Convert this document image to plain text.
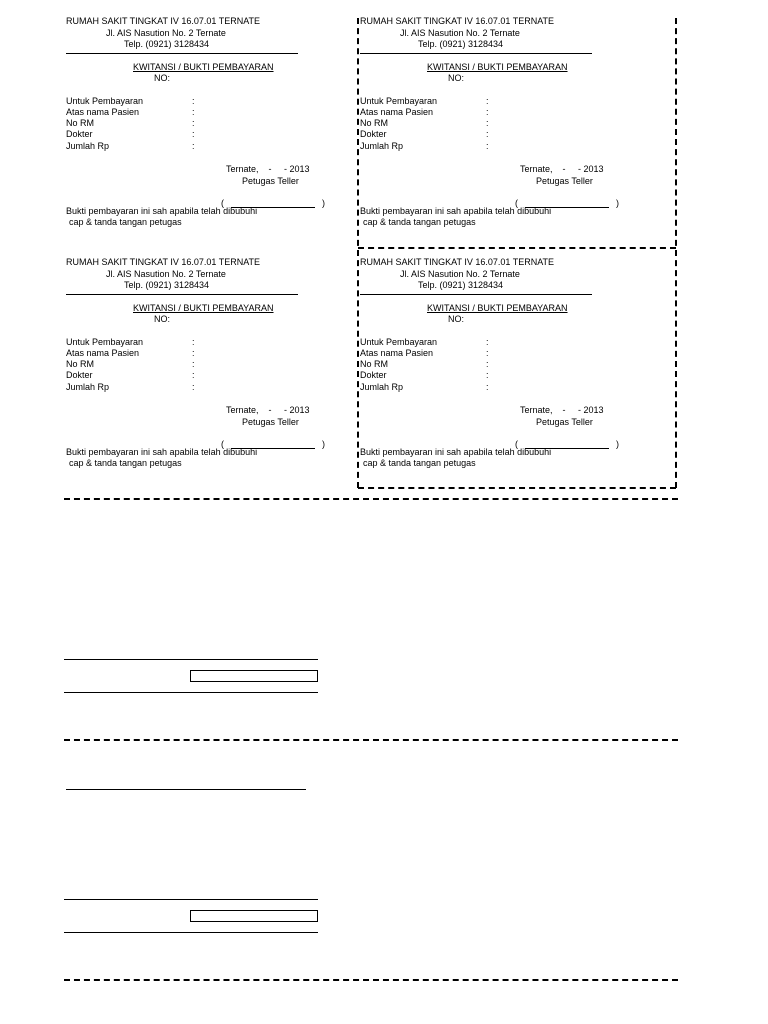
RUMAH SAKIT TINGKAT IV 16.07.01 TERNATE
Jl. AIS Nasution No. 2 Ternate
Telp. (0921) 3128434
KWITANSI / BUKTI PEMBAYARAN
NO:
Untuk Pembayaran	:
Atas nama Pasien	:
No RM	:
Dokter	:
Jumlah Rp	:
Ternate,    -     - 2013
Petugas Teller
(	)
Bukti pembayaran ini sah apabila telah dibubuhi
cap & tanda tangan petugas
RUMAH SAKIT TINGKAT IV 16.07.01 TERNATE
Jl. AIS Nasution No. 2 Ternate
Telp. (0921) 3128434
KWITANSI / BUKTI PEMBAYARAN
NO:
Untuk Pembayaran	:
Atas nama Pasien	:
No RM	:
Dokter	:
Jumlah Rp	:
Ternate,    -     - 2013
Petugas Teller
(	)
Bukti pembayaran ini sah apabila telah dibubuhi
cap & tanda tangan petugas
RUMAH SAKIT TINGKAT IV 16.07.01 TERNATE
Jl. AIS Nasution No. 2 Ternate
Telp. (0921) 3128434
KWITANSI / BUKTI PEMBAYARAN
NO:
Untuk Pembayaran	:
Atas nama Pasien	:
No RM	:
Dokter	:
Jumlah Rp	:
Ternate,    -     - 2013
Petugas Teller
(	)
Bukti pembayaran ini sah apabila telah dibubuhi
cap & tanda tangan petugas
RUMAH SAKIT TINGKAT IV 16.07.01 TERNATE
Jl. AIS Nasution No. 2 Ternate
Telp. (0921) 3128434
KWITANSI / BUKTI PEMBAYARAN
NO:
Untuk Pembayaran	:
Atas nama Pasien	:
No RM	:
Dokter	:
Jumlah Rp	:
Ternate,    -     - 2013
Petugas Teller
(	)
Bukti pembayaran ini sah apabila telah dibubuhi
cap & tanda tangan petugas
